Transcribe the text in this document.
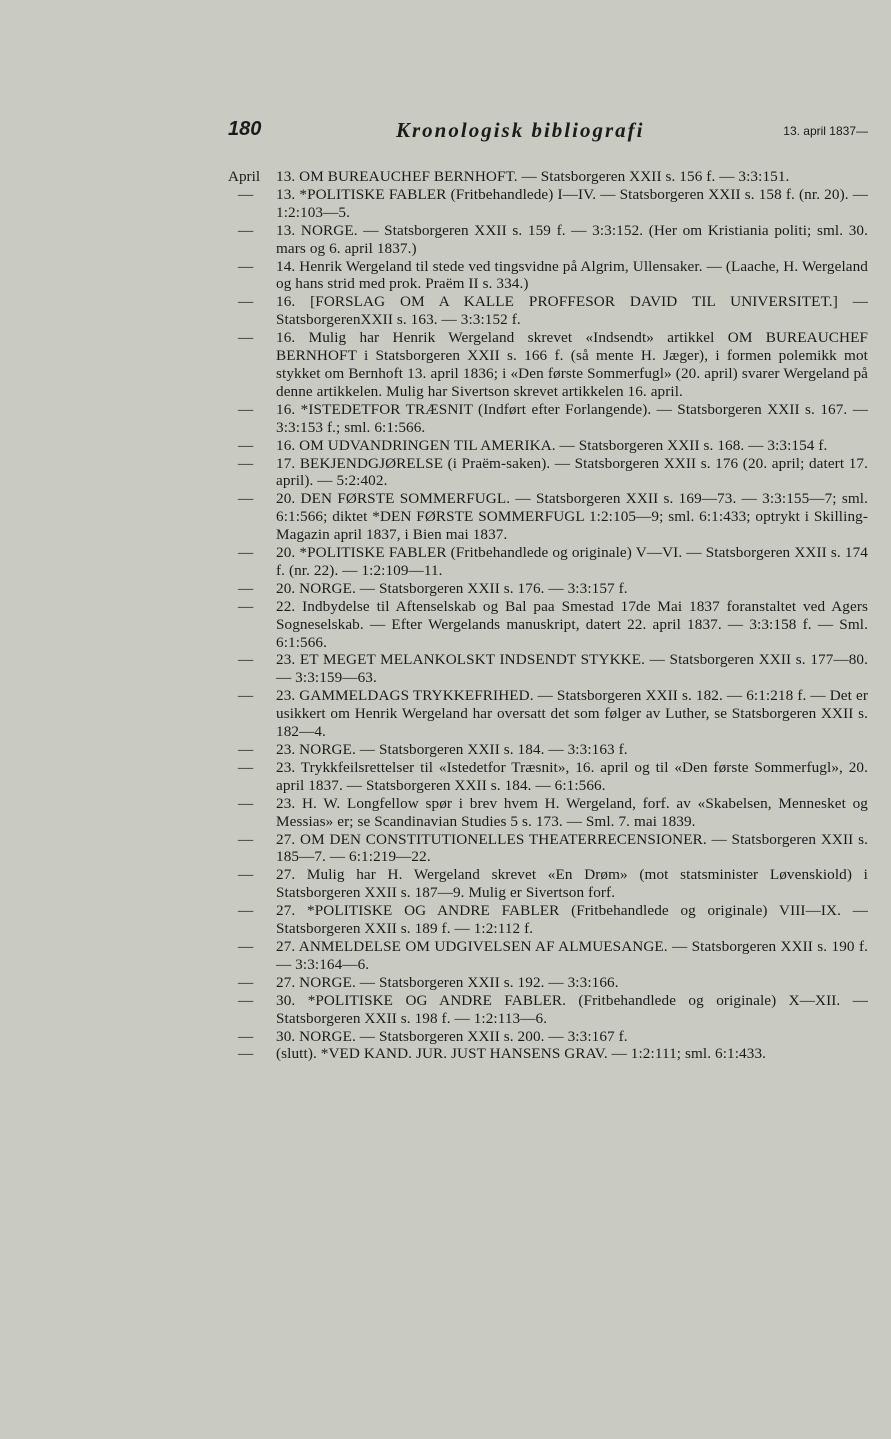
180	Kronologisk bibliografi	13. april 1837—
April	13. OM BUREAUCHEF BERNHOFT. — Statsborgeren XXII s. 156 f. — 3:3:151.
—	13. *POLITISKE FABLER (Fritbehandlede) I—IV. — Statsborgeren XXII s. 158 f. (nr. 20). — 1:2:103—5.
—	13. NORGE. — Statsborgeren XXII s. 159 f. — 3:3:152. (Her om Kristiania politi; sml. 30. mars og 6. april 1837.)
—	14. Henrik Wergeland til stede ved tingsvidne på Algrim, Ullensaker. — (Laache, H. Wergeland og hans strid med prok. Praëm II s. 334.)
—	16. [FORSLAG OM A KALLE PROFFESOR DAVID TIL UNIVERSITET.] — StatsborgerenXXII s. 163. — 3:3:152 f.
—	16. Mulig har Henrik Wergeland skrevet «Indsendt» artikkel OM BUREAUCHEF BERNHOFT i Statsborgeren XXII s. 166 f. (så mente H. Jæger), i formen polemikk mot stykket om Bernhoft 13. april 1836; i «Den første Sommerfugl» (20. april) svarer Wergeland på denne artikkelen. Mulig har Sivertson skrevet artikkelen 16. april.
—	16. *ISTEDETFOR TRÆSNIT (Indført efter Forlangende). — Statsborgeren XXII s. 167. — 3:3:153 f.; sml. 6:1:566.
—	16. OM UDVANDRINGEN TIL AMERIKA. — Statsborgeren XXII s. 168. — 3:3:154 f.
—	17. BEKJENDGJØRELSE (i Praëm-saken). — Statsborgeren XXII s. 176 (20. april; datert 17. april). — 5:2:402.
—	20. DEN FØRSTE SOMMERFUGL. — Statsborgeren XXII s. 169—73. — 3:3:155—7; sml. 6:1:566; diktet *DEN FØRSTE SOMMERFUGL 1:2:105—9; sml. 6:1:433; optrykt i Skilling-Magazin april 1837, i Bien mai 1837.
—	20. *POLITISKE FABLER (Fritbehandlede og originale) V—VI. — Statsborgeren XXII s. 174 f. (nr. 22). — 1:2:109—11.
—	20. NORGE. — Statsborgeren XXII s. 176. — 3:3:157 f.
—	22. Indbydelse til Aftenselskab og Bal paa Smestad 17de Mai 1837 foranstaltet ved Agers Sogneselskab. — Efter Wergelands manuskript, datert 22. april 1837. — 3:3:158 f. — Sml. 6:1:566.
—	23. ET MEGET MELANKOLSKT INDSENDT STYKKE. — Statsborgeren XXII s. 177—80. — 3:3:159—63.
—	23. GAMMELDAGS TRYKKEFRIHED. — Statsborgeren XXII s. 182. — 6:1:218 f. — Det er usikkert om Henrik Wergeland har oversatt det som følger av Luther, se Statsborgeren XXII s. 182—4.
—	23. NORGE. — Statsborgeren XXII s. 184. — 3:3:163 f.
—	23. Trykkfeilsrettelser til «Istedetfor Træsnit», 16. april og til «Den første Sommerfugl», 20. april 1837. — Statsborgeren XXII s. 184. — 6:1:566.
—	23. H. W. Longfellow spør i brev hvem H. Wergeland, forf. av «Skabelsen, Mennesket og Messias» er; se Scandinavian Studies 5 s. 173. — Sml. 7. mai 1839.
—	27. OM DEN CONSTITUTIONELLES THEATERRECENSIONER. — Statsborgeren XXII s. 185—7. — 6:1:219—22.
—	27. Mulig har H. Wergeland skrevet «En Drøm» (mot statsminister Løvenskiold) i Statsborgeren XXII s. 187—9. Mulig er Sivertson forf.
—	27. *POLITISKE OG ANDRE FABLER (Fritbehandlede og originale) VIII—IX. — Statsborgeren XXII s. 189 f. — 1:2:112 f.
—	27. ANMELDELSE OM UDGIVELSEN AF ALMUESANGE. — Statsborgeren XXII s. 190 f. — 3:3:164—6.
—	27. NORGE. — Statsborgeren XXII s. 192. — 3:3:166.
—	30. *POLITISKE OG ANDRE FABLER. (Fritbehandlede og originale) X—XII. — Statsborgeren XXII s. 198 f. — 1:2:113—6.
—	30. NORGE. — Statsborgeren XXII s. 200. — 3:3:167 f.
—	(slutt). *VED KAND. JUR. JUST HANSENS GRAV. — 1:2:111; sml. 6:1:433.
